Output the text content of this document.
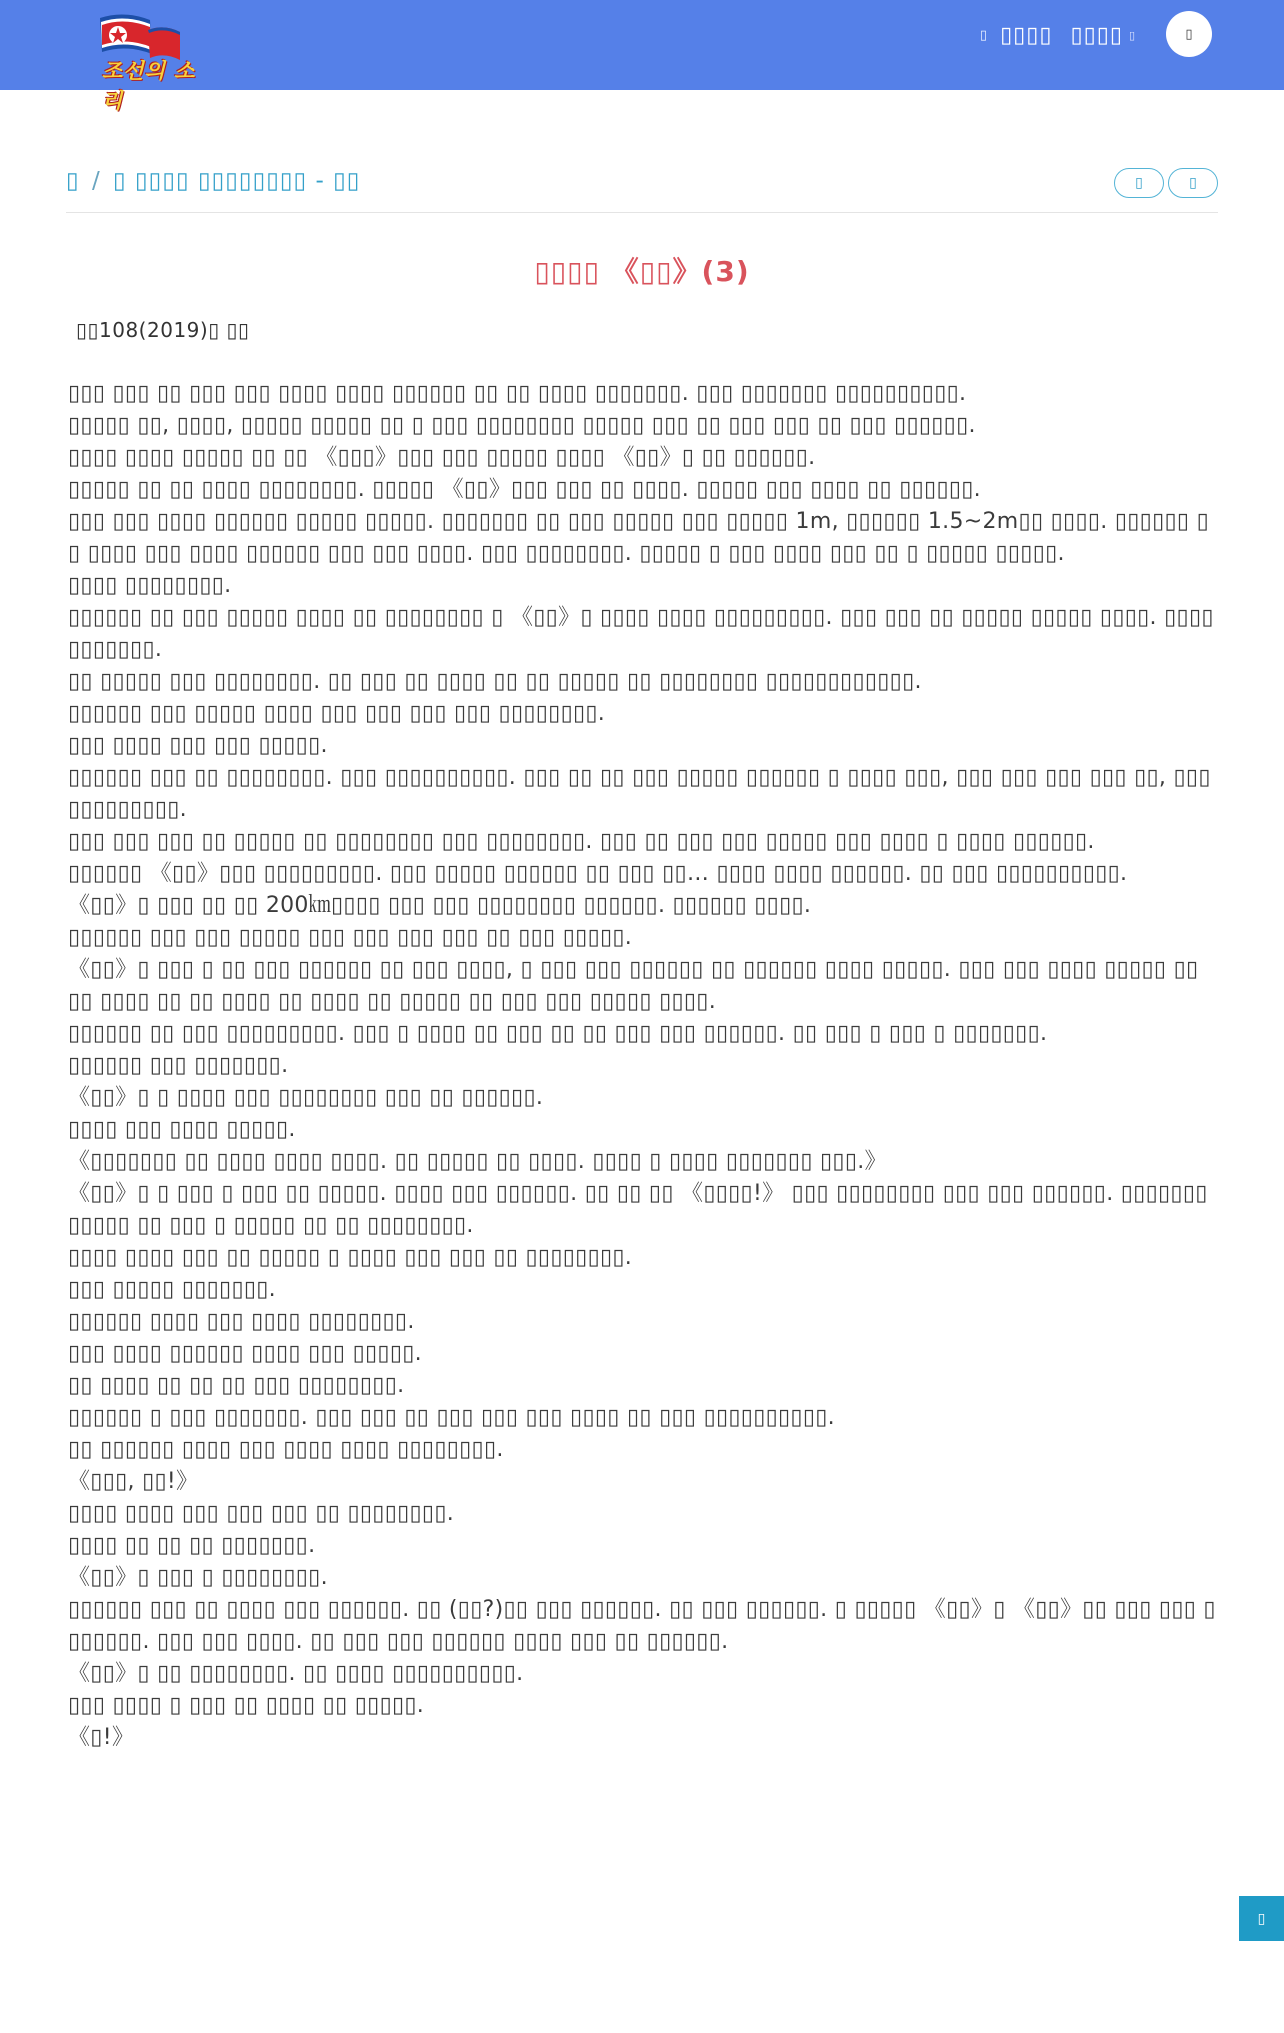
조선의 소리
▯ ▯▯▯▯ ▯▯▯▯ ▯	▯
▯ / ▯ ▯▯▯▯ ▯▯▯▯▯▯▯▯ - ▯▯	▯	▯
▯▯▯▯ 《▯▯》(3)
▯▯108(2019)▯ ▯▯

▯▯▯ ▯▯▯ ▯▯ ▯▯▯ ▯▯▯ ▯▯▯▯ ▯▯▯▯ ▯▯▯▯▯▯ ▯▯ ▯▯ ▯▯▯▯ ▯▯▯▯▯▯▯. ▯▯▯ ▯▯▯▯▯▯▯ ▯▯▯▯▯▯▯▯▯▯.

▯▯▯▯▯ ▯▯, ▯▯▯▯, ▯▯▯▯▯ ▯▯▯▯▯ ▯▯ ▯ ▯▯▯ ▯▯▯▯▯▯▯▯ ▯▯▯▯▯ ▯▯▯ ▯▯ ▯▯▯ ▯▯▯ ▯▯ ▯▯▯ ▯▯▯▯▯▯.

▯▯▯▯ ▯▯▯▯ ▯▯▯▯▯ ▯▯ ▯▯ 《▯▯▯》▯▯▯ ▯▯▯ ▯▯▯▯▯ ▯▯▯▯ 《▯▯》▯ ▯▯ ▯▯▯▯▯▯.

▯▯▯▯▯ ▯▯ ▯▯ ▯▯▯▯ ▯▯▯▯▯▯▯▯. ▯▯▯▯▯ 《▯▯》▯▯▯ ▯▯▯ ▯▯ ▯▯▯▯. ▯▯▯▯▯ ▯▯▯ ▯▯▯▯ ▯▯ ▯▯▯▯▯▯.

▯▯▯ ▯▯▯ ▯▯▯▯ ▯▯▯▯▯▯ ▯▯▯▯▯ ▯▯▯▯▯. ▯▯▯▯▯▯▯ ▯▯ ▯▯▯ ▯▯▯▯▯ ▯▯▯ ▯▯▯▯▯ 1m, ▯▯▯▯▯▯ 1.5~2m▯▯ ▯▯▯▯. ▯▯▯▯▯▯ ▯▯ ▯▯▯▯ ▯▯▯ ▯▯▯▯ ▯▯▯▯▯▯ ▯▯▯ ▯▯▯ ▯▯▯▯. ▯▯▯ ▯▯▯▯▯▯▯▯. ▯▯▯▯▯ ▯ ▯▯▯ ▯▯▯▯ ▯▯▯ ▯▯ ▯ ▯▯▯▯▯ ▯▯▯▯▯.

▯▯▯▯ ▯▯▯▯▯▯▯▯.

▯▯▯▯▯▯ ▯▯ ▯▯▯ ▯▯▯▯▯ ▯▯▯▯ ▯▯ ▯▯▯▯▯▯▯▯ ▯ 《▯▯》▯ ▯▯▯▯ ▯▯▯▯ ▯▯▯▯▯▯▯▯▯. ▯▯▯ ▯▯▯ ▯▯ ▯▯▯▯▯ ▯▯▯▯▯ ▯▯▯▯. ▯▯▯▯ ▯▯▯▯▯▯▯.

▯▯ ▯▯▯▯▯ ▯▯▯ ▯▯▯▯▯▯▯▯. ▯▯ ▯▯▯ ▯▯ ▯▯▯▯ ▯▯ ▯▯ ▯▯▯▯▯ ▯▯ ▯▯▯▯▯▯▯▯ ▯▯▯▯▯▯▯▯▯▯▯▯.

▯▯▯▯▯▯ ▯▯▯ ▯▯▯▯▯ ▯▯▯▯ ▯▯▯ ▯▯▯ ▯▯▯ ▯▯▯ ▯▯▯▯▯▯▯▯.

▯▯▯ ▯▯▯▯ ▯▯▯ ▯▯▯ ▯▯▯▯▯.

▯▯▯▯▯▯ ▯▯▯ ▯▯ ▯▯▯▯▯▯▯▯. ▯▯▯ ▯▯▯▯▯▯▯▯▯▯. ▯▯▯ ▯▯ ▯▯ ▯▯▯ ▯▯▯▯▯ ▯▯▯▯▯▯ ▯ ▯▯▯▯ ▯▯▯, ▯▯▯ ▯▯▯ ▯▯▯ ▯▯▯ ▯▯, ▯▯▯ ▯▯▯▯▯▯▯▯▯.

▯▯▯ ▯▯▯ ▯▯▯ ▯▯ ▯▯▯▯▯ ▯▯ ▯▯▯▯▯▯▯▯ ▯▯▯ ▯▯▯▯▯▯▯▯. ▯▯▯ ▯▯ ▯▯▯ ▯▯▯ ▯▯▯▯▯ ▯▯▯ ▯▯▯▯ ▯ ▯▯▯▯ ▯▯▯▯▯▯.

▯▯▯▯▯▯ 《▯▯》▯▯▯ ▯▯▯▯▯▯▯▯▯. ▯▯▯ ▯▯▯▯▯ ▯▯▯▯▯▯ ▯▯ ▯▯▯ ▯▯… ▯▯▯▯ ▯▯▯▯ ▯▯▯▯▯▯. ▯▯ ▯▯▯ ▯▯▯▯▯▯▯▯▯▯.

《▯▯》▯ ▯▯▯ ▯▯ ▯▯ 200㎞▯▯▯▯ ▯▯▯ ▯▯▯ ▯▯▯▯▯▯▯▯ ▯▯▯▯▯▯. ▯▯▯▯▯▯ ▯▯▯▯.

▯▯▯▯▯▯ ▯▯▯ ▯▯▯ ▯▯▯▯▯ ▯▯▯ ▯▯▯ ▯▯▯ ▯▯▯ ▯▯ ▯▯▯ ▯▯▯▯▯.

《▯▯》▯ ▯▯▯ ▯ ▯▯ ▯▯▯ ▯▯▯▯▯▯ ▯▯ ▯▯▯ ▯▯▯▯, ▯ ▯▯▯ ▯▯▯ ▯▯▯▯▯▯ ▯▯ ▯▯▯▯▯▯ ▯▯▯▯ ▯▯▯▯▯. ▯▯▯ ▯▯▯ ▯▯▯▯ ▯▯▯▯▯ ▯▯ ▯▯ ▯▯▯▯ ▯▯ ▯▯ ▯▯▯▯ ▯▯ ▯▯▯▯ ▯▯ ▯▯▯▯▯ ▯▯ ▯▯▯ ▯▯▯ ▯▯▯▯▯ ▯▯▯▯.

▯▯▯▯▯▯ ▯▯ ▯▯▯ ▯▯▯▯▯▯▯▯▯. ▯▯▯ ▯ ▯▯▯▯ ▯▯ ▯▯▯ ▯▯ ▯▯ ▯▯▯ ▯▯▯ ▯▯▯▯▯▯. ▯▯ ▯▯▯ ▯ ▯▯▯ ▯ ▯▯▯▯▯▯▯.

▯▯▯▯▯▯ ▯▯▯ ▯▯▯▯▯▯▯.

《▯▯》▯ ▯ ▯▯▯▯ ▯▯▯ ▯▯▯▯▯▯▯▯ ▯▯▯ ▯▯ ▯▯▯▯▯▯.

▯▯▯▯ ▯▯▯ ▯▯▯▯ ▯▯▯▯▯.

《▯▯▯▯▯▯▯ ▯▯ ▯▯▯▯ ▯▯▯▯ ▯▯▯▯. ▯▯ ▯▯▯▯▯ ▯▯ ▯▯▯▯. ▯▯▯▯ ▯ ▯▯▯▯ ▯▯▯▯▯▯▯ ▯▯▯.》

《▯▯》▯ ▯ ▯▯▯ ▯ ▯▯▯ ▯▯ ▯▯▯▯▯. ▯▯▯▯ ▯▯▯ ▯▯▯▯▯▯. ▯▯ ▯▯ ▯▯ 《▯▯▯▯!》 ▯▯▯ ▯▯▯▯▯▯▯▯ ▯▯▯ ▯▯▯ ▯▯▯▯▯▯. ▯▯▯▯▯▯▯ ▯▯▯▯▯ ▯▯ ▯▯▯ ▯ ▯▯▯▯▯ ▯▯ ▯▯ ▯▯▯▯▯▯▯▯.

▯▯▯▯ ▯▯▯▯ ▯▯▯ ▯▯ ▯▯▯▯▯ ▯ ▯▯▯▯ ▯▯▯ ▯▯▯ ▯▯ ▯▯▯▯▯▯▯▯.

▯▯▯ ▯▯▯▯▯ ▯▯▯▯▯▯▯.

▯▯▯▯▯▯ ▯▯▯▯ ▯▯▯ ▯▯▯▯ ▯▯▯▯▯▯▯▯.

▯▯▯ ▯▯▯▯ ▯▯▯▯▯▯ ▯▯▯▯ ▯▯▯ ▯▯▯▯▯.

▯▯ ▯▯▯▯ ▯▯ ▯▯ ▯▯ ▯▯▯ ▯▯▯▯▯▯▯▯.

▯▯▯▯▯▯ ▯ ▯▯▯ ▯▯▯▯▯▯▯. ▯▯▯ ▯▯▯ ▯▯ ▯▯▯ ▯▯▯ ▯▯▯ ▯▯▯▯ ▯▯ ▯▯▯ ▯▯▯▯▯▯▯▯▯▯.

▯▯ ▯▯▯▯▯▯ ▯▯▯▯ ▯▯▯ ▯▯▯▯ ▯▯▯▯ ▯▯▯▯▯▯▯▯.

《▯▯▯, ▯▯!》

▯▯▯▯ ▯▯▯▯ ▯▯▯ ▯▯▯ ▯▯▯ ▯▯ ▯▯▯▯▯▯▯▯.

▯▯▯▯ ▯▯ ▯▯ ▯▯ ▯▯▯▯▯▯▯.

《▯▯》▯ ▯▯▯ ▯ ▯▯▯▯▯▯▯▯.

▯▯▯▯▯▯ ▯▯▯ ▯▯ ▯▯▯▯ ▯▯▯ ▯▯▯▯▯▯. ▯▯ (▯▯?)▯▯ ▯▯▯ ▯▯▯▯▯▯. ▯▯ ▯▯▯ ▯▯▯▯▯▯. ▯ ▯▯▯▯▯ 《▯▯》▯ 《▯▯》▯▯ ▯▯▯ ▯▯▯ ▯▯▯▯▯▯▯. ▯▯▯ ▯▯▯ ▯▯▯▯. ▯▯ ▯▯▯ ▯▯▯ ▯▯▯▯▯▯ ▯▯▯▯ ▯▯▯ ▯▯ ▯▯▯▯▯▯.

《▯▯》▯ ▯▯ ▯▯▯▯▯▯▯▯. ▯▯ ▯▯▯▯ ▯▯▯▯▯▯▯▯▯▯.

▯▯▯ ▯▯▯▯ ▯ ▯▯▯ ▯▯ ▯▯▯▯ ▯▯ ▯▯▯▯▯.

《▯!》

▯
